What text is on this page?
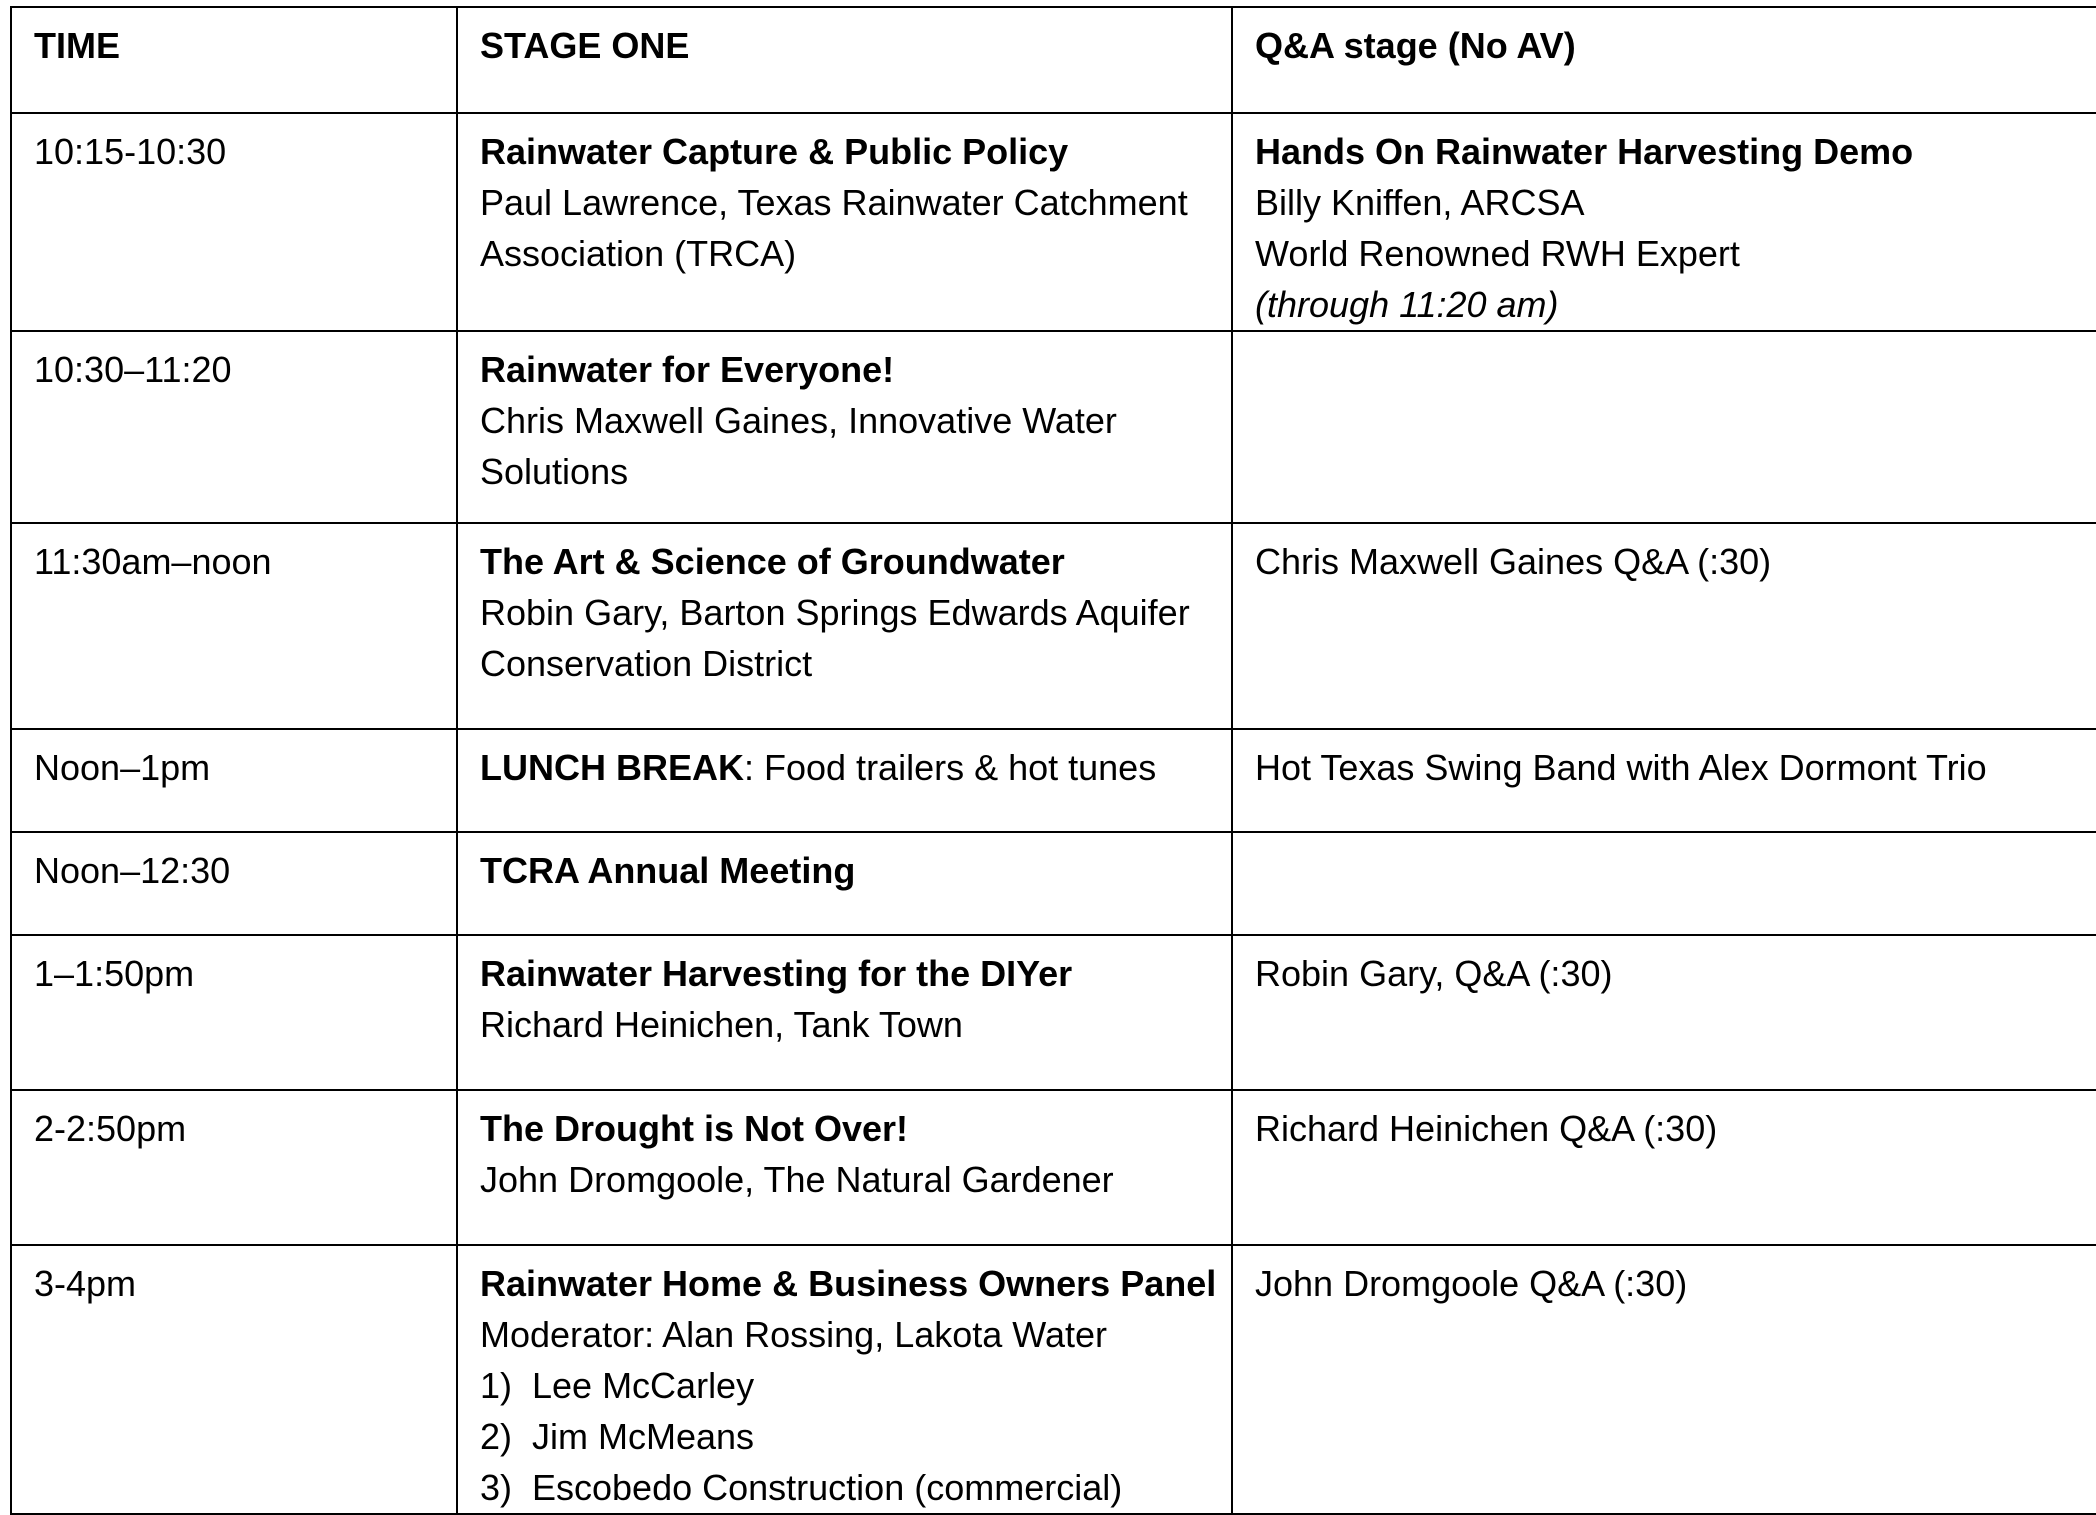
TIME	STAGE ONE	Q&A stage (No AV)
10:15-10:30	Rainwater Capture & Public Policy
Paul Lawrence, Texas Rainwater Catchment Association (TRCA)	Hands On Rainwater Harvesting Demo
Billy Kniffen, ARCSA
World Renowned RWH Expert
(through 11:20 am)

10:30–11:20	Rainwater for Everyone!
Chris Maxwell Gaines, Innovative Water Solutions	

11:30am–noon	The Art & Science of Groundwater
Robin Gary, Barton Springs Edwards Aquifer Conservation District	Chris Maxwell Gaines Q&A (:30)
Noon–1pm	LUNCH BREAK: Food trailers & hot tunes	Hot Texas Swing Band with Alex Dormont Trio
Noon–12:30	TCRA Annual Meeting	

1–1:50pm	Rainwater Harvesting for the DIYer
Richard Heinichen, Tank Town	Robin Gary, Q&A (:30)
2-2:50pm	The Drought is Not Over!
John Dromgoole, The Natural Gardener	Richard Heinichen Q&A (:30)
3-4pm	Rainwater Home & Business Owners Panel
Moderator: Alan Rossing, Lakota Water
1) Lee McCarley
2) Jim McMeans
3) Escobedo Construction (commercial)	John Dromgoole Q&A (:30)
